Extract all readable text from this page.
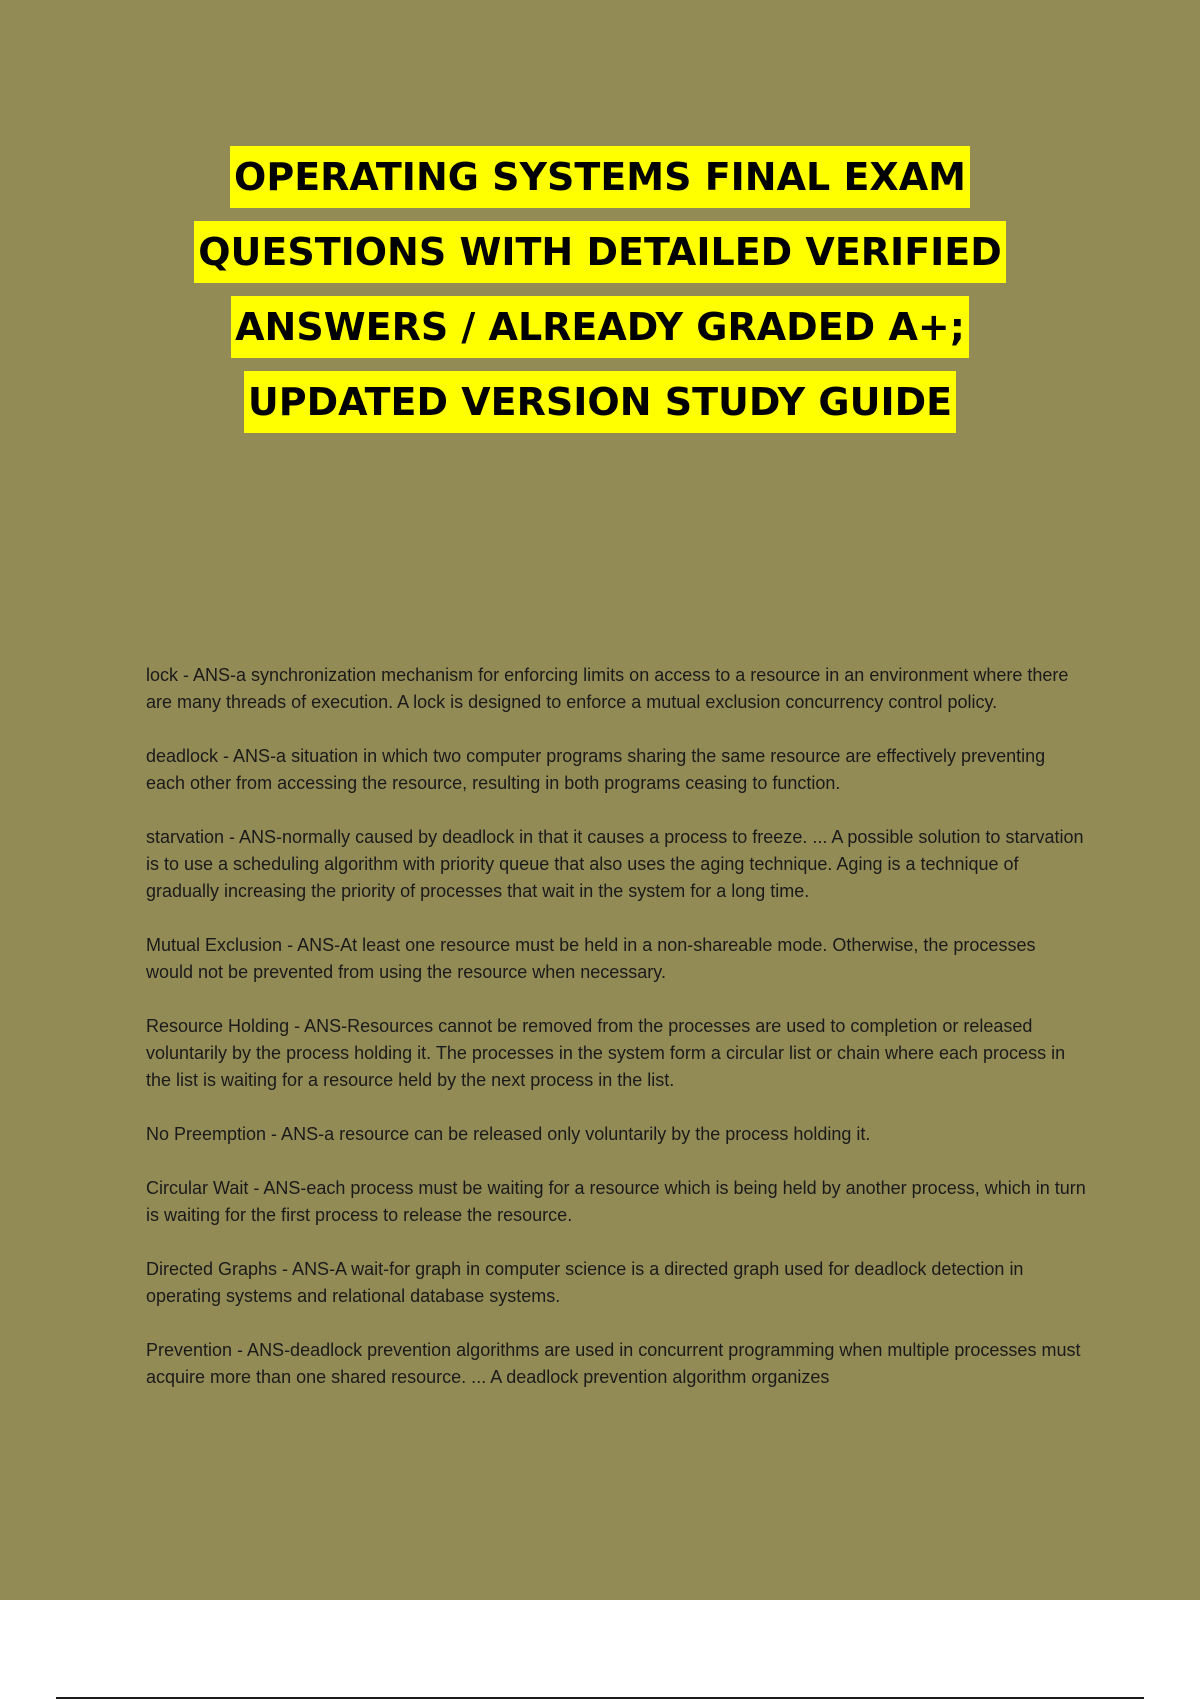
OPERATING SYSTEMS FINAL EXAM
QUESTIONS WITH DETAILED VERIFIED
ANSWERS / ALREADY GRADED A+;
UPDATED VERSION STUDY GUIDE

lock - ANS-a synchronization mechanism for enforcing limits on access to a resource in an environment where there are many threads of execution. A lock is designed to enforce a mutual exclusion concurrency control policy.

deadlock - ANS-a situation in which two computer programs sharing the same resource are effectively preventing each other from accessing the resource, resulting in both programs ceasing to function.

starvation - ANS-normally caused by deadlock in that it causes a process to freeze. ... A possible solution to starvation is to use a scheduling algorithm with priority queue that also uses the aging technique. Aging is a technique of gradually increasing the priority of processes that wait in the system for a long time.

Mutual Exclusion - ANS-At least one resource must be held in a non-shareable mode. Otherwise, the processes would not be prevented from using the resource when necessary.

Resource Holding - ANS-Resources cannot be removed from the processes are used to completion or released voluntarily by the process holding it. The processes in the system form a circular list or chain where each process in the list is waiting for a resource held by the next process in the list.

No Preemption - ANS-a resource can be released only voluntarily by the process holding it.

Circular Wait - ANS-each process must be waiting for a resource which is being held by another process, which in turn is waiting for the first process to release the resource.

Directed Graphs - ANS-A wait-for graph in computer science is a directed graph used for deadlock detection in operating systems and relational database systems.

Prevention - ANS-deadlock prevention algorithms are used in concurrent programming when multiple processes must acquire more than one shared resource. ... A deadlock prevention algorithm organizes
